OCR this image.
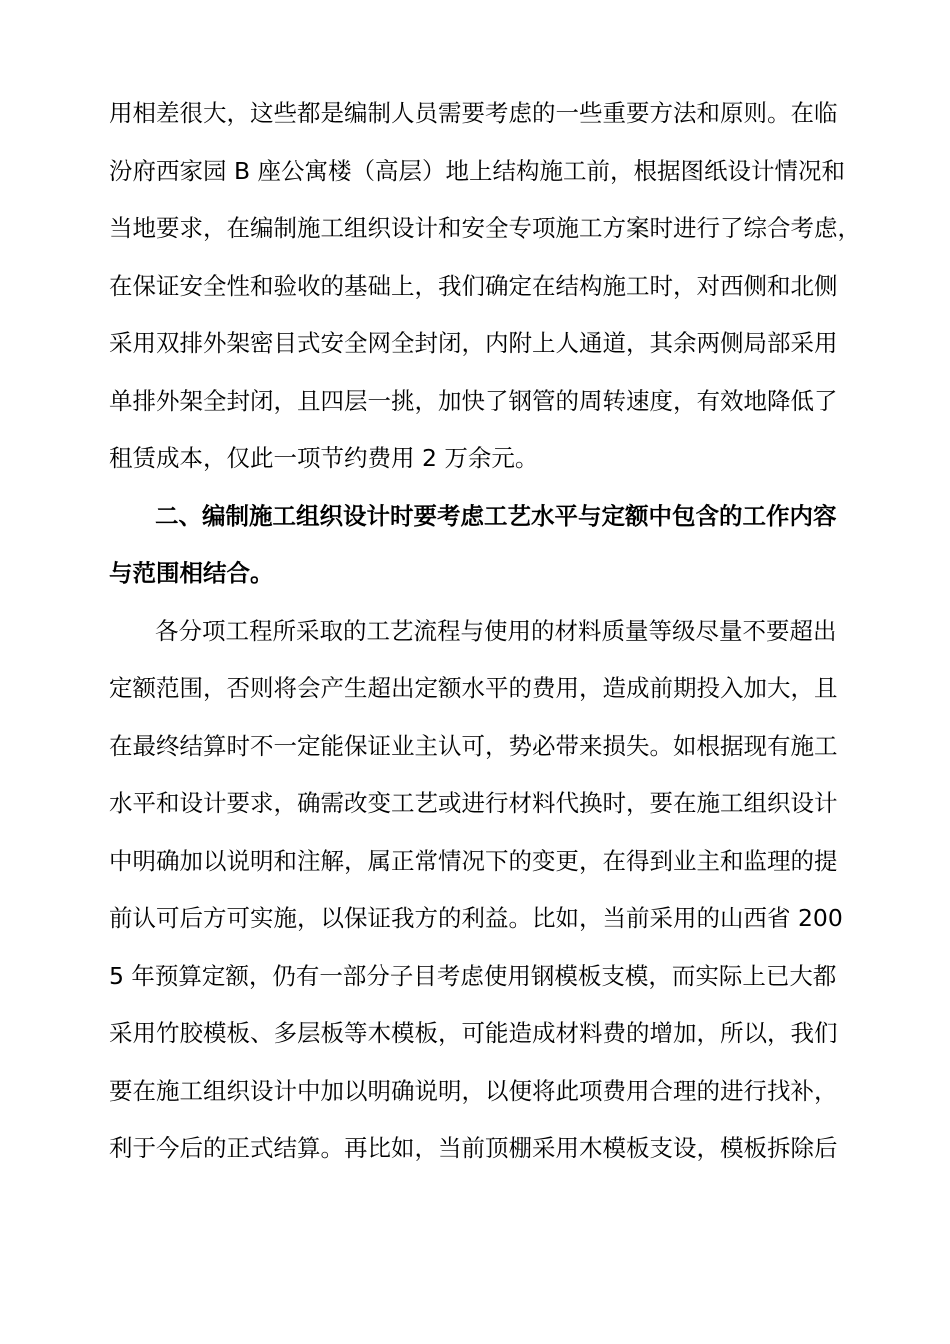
用相差很大，这些都是编制人员需要考虑的一些重要方法和原则。在临
汾府西家园 B 座公寓楼（高层）地上结构施工前，根据图纸设计情况和
当地要求，在编制施工组织设计和安全专项施工方案时进行了综合考虑，
在保证安全性和验收的基础上，我们确定在结构施工时，对西侧和北侧
采用双排外架密目式安全网全封闭，内附上人通道，其余两侧局部采用
单排外架全封闭，且四层一挑，加快了钢管的周转速度，有效地降低了
租赁成本，仅此一项节约费用 2 万余元。
二、编制施工组织设计时要考虑工艺水平与定额中包含的工作内容
与范围相结合。
各分项工程所采取的工艺流程与使用的材料质量等级尽量不要超出
定额范围，否则将会产生超出定额水平的费用，造成前期投入加大，且
在最终结算时不一定能保证业主认可，势必带来损失。如根据现有施工
水平和设计要求，确需改变工艺或进行材料代换时，要在施工组织设计
中明确加以说明和注解，属正常情况下的变更，在得到业主和监理的提
前认可后方可实施，以保证我方的利益。比如，当前采用的山西省 200
5 年预算定额，仍有一部分子目考虑使用钢模板支模，而实际上已大都
采用竹胶模板、多层板等木模板，可能造成材料费的增加，所以，我们
要在施工组织设计中加以明确说明，以便将此项费用合理的进行找补，
利于今后的正式结算。再比如，当前顶棚采用木模板支设，模板拆除后
